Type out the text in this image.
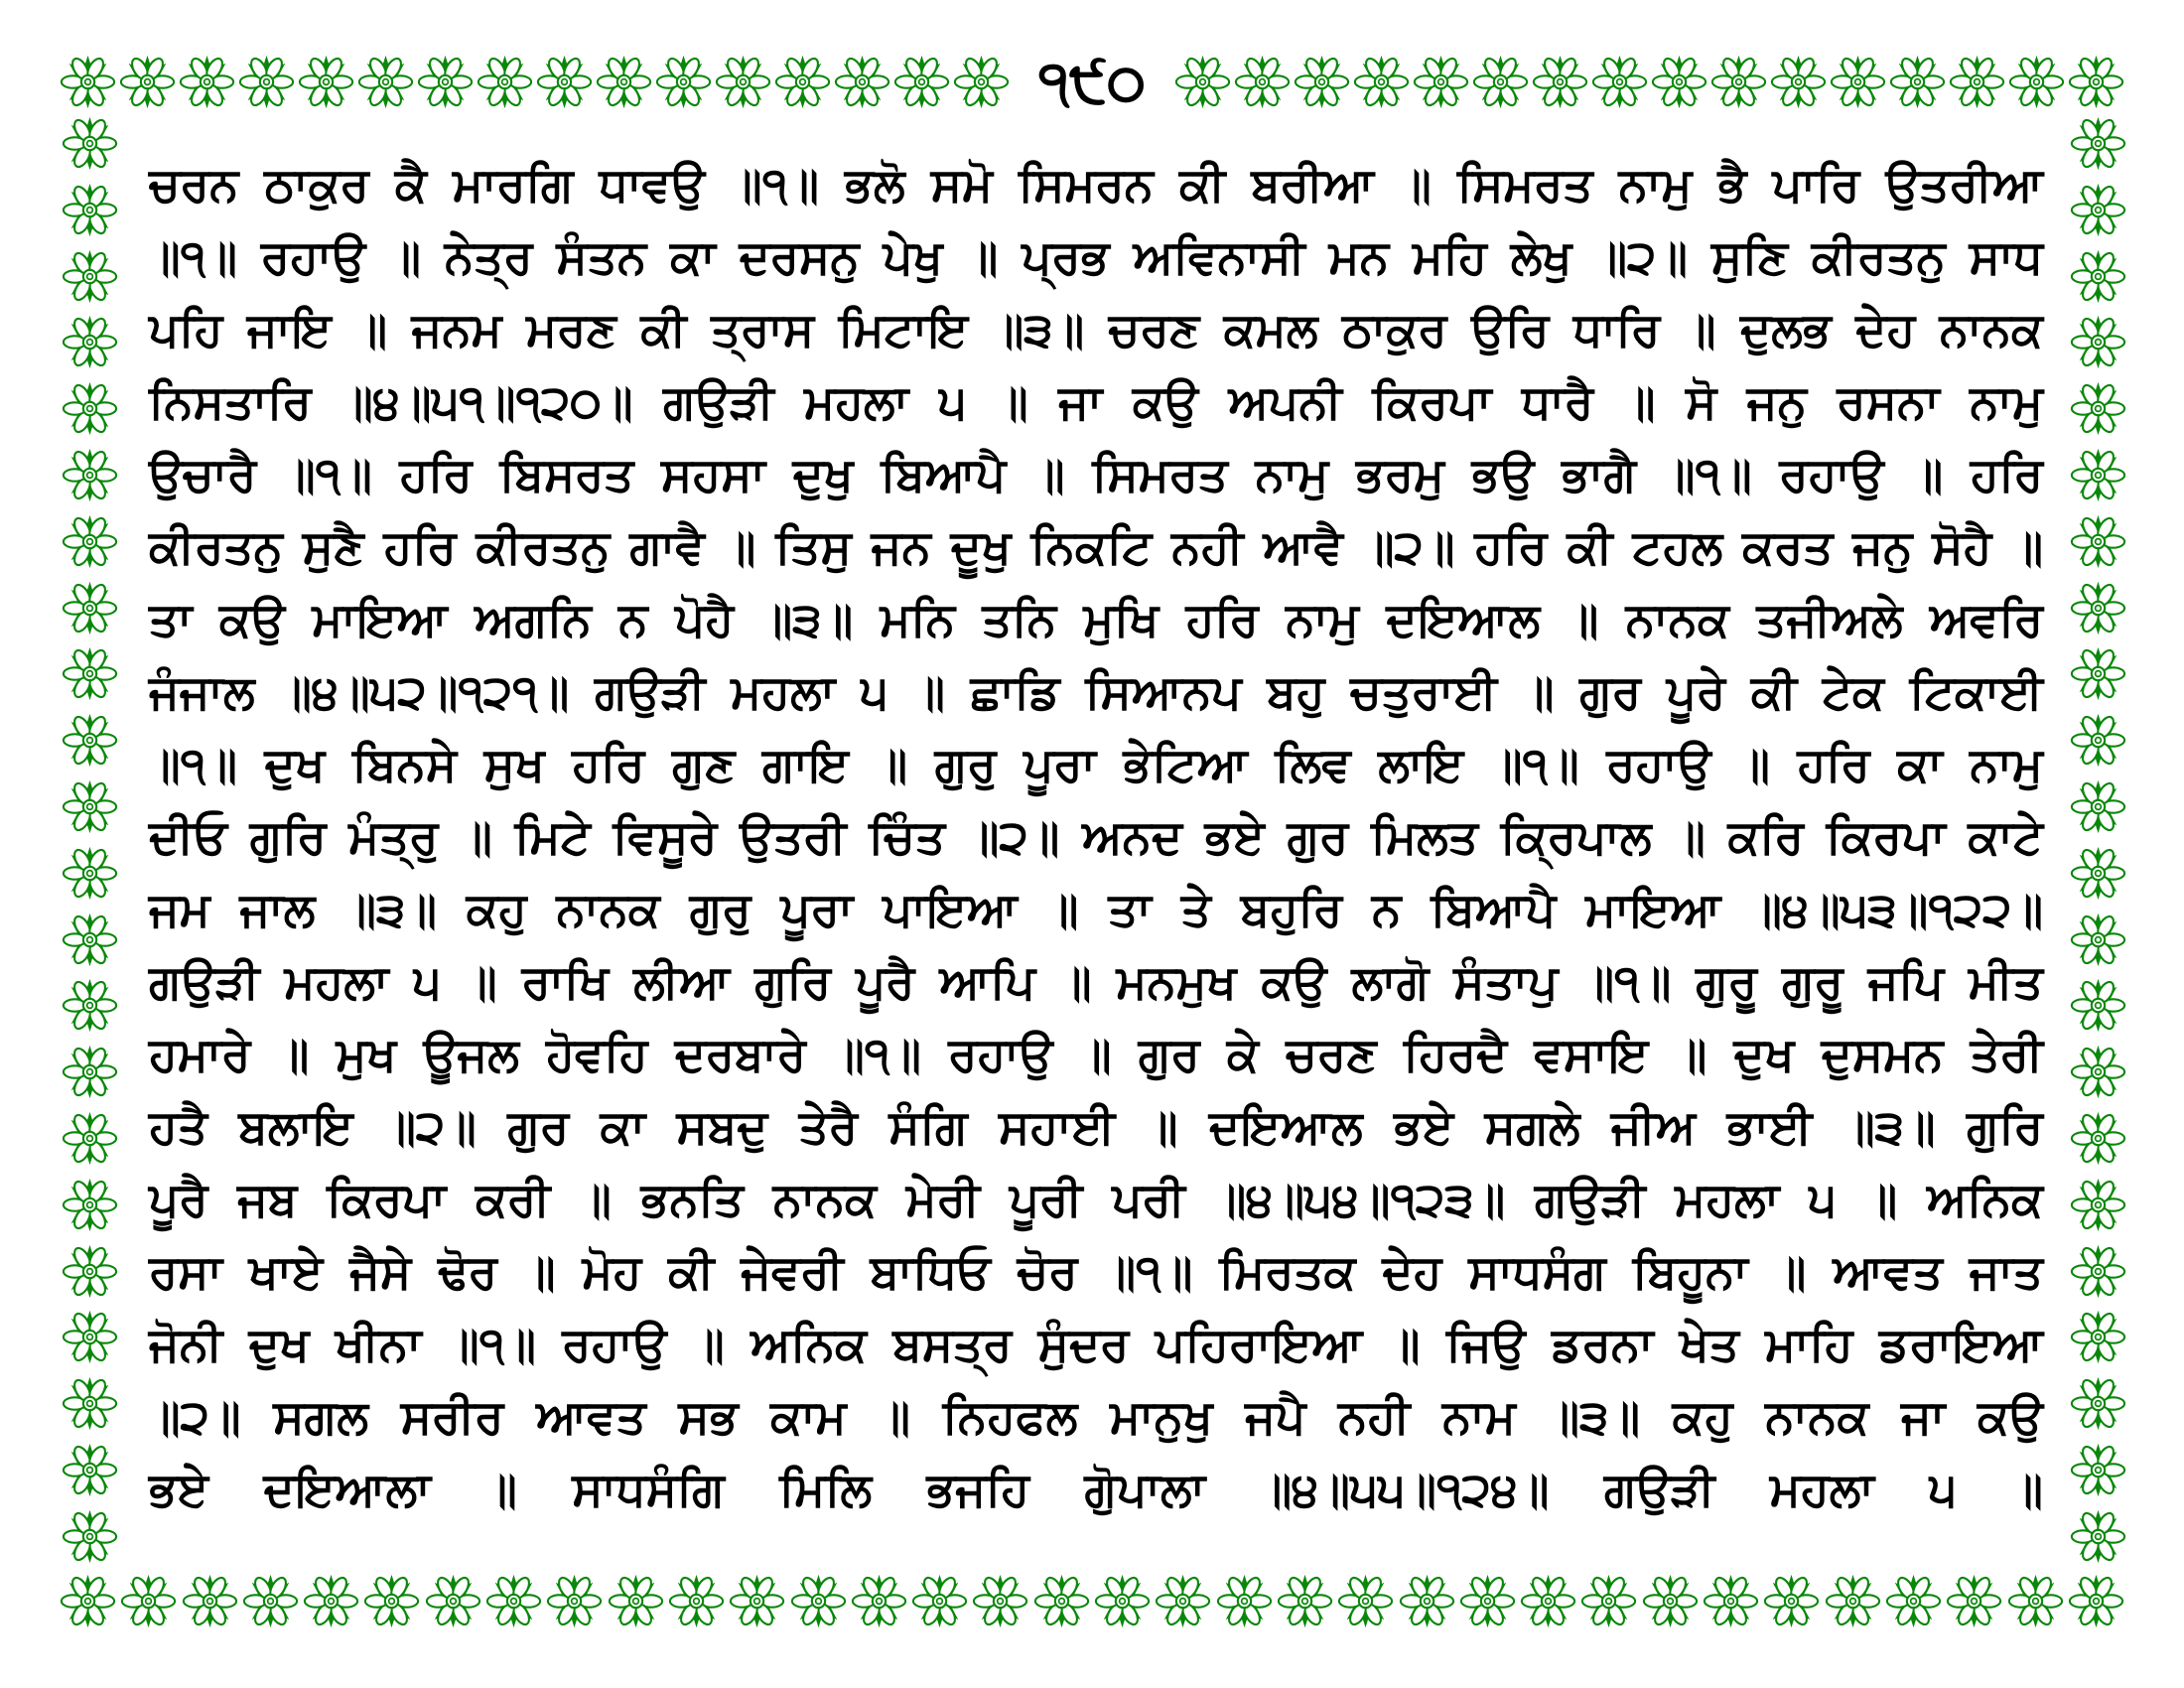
੧੯੦
ਚਰਨ ਠਾਕੁਰ ਕੈ ਮਾਰਗਿ ਧਾਵਉ ॥੧॥ ਭਲੋ ਸਮੋ ਸਿਮਰਨ ਕੀ ਬਰੀਆ ॥ ਸਿਮਰਤ ਨਾਮੁ ਭੈ ਪਾਰਿ ਉਤਰੀਆ
॥੧॥ ਰਹਾਉ ॥ ਨੇਤ੍ਰ ਸੰਤਨ ਕਾ ਦਰਸਨੁ ਪੇਖੁ ॥ ਪ੍ਰਭ ਅਵਿਨਾਸੀ ਮਨ ਮਹਿ ਲੇਖੁ ॥੨॥ ਸੁਣਿ ਕੀਰਤਨੁ ਸਾਧ
ਪਹਿ ਜਾਇ ॥ ਜਨਮ ਮਰਣ ਕੀ ਤ੍ਰਾਸ ਮਿਟਾਇ ॥੩॥ ਚਰਣ ਕਮਲ ਠਾਕੁਰ ਉਰਿ ਧਾਰਿ ॥ ਦੁਲਭ ਦੇਹ ਨਾਨਕ
ਨਿਸਤਾਰਿ ॥੪॥੫੧॥੧੨੦॥ ਗਉੜੀ ਮਹਲਾ ੫ ॥ ਜਾ ਕਉ ਅਪਨੀ ਕਿਰਪਾ ਧਾਰੈ ॥ ਸੋ ਜਨੁ ਰਸਨਾ ਨਾਮੁ
ਉਚਾਰੈ ॥੧॥ ਹਰਿ ਬਿਸਰਤ ਸਹਸਾ ਦੁਖੁ ਬਿਆਪੈ ॥ ਸਿਮਰਤ ਨਾਮੁ ਭਰਮੁ ਭਉ ਭਾਗੈ ॥੧॥ ਰਹਾਉ ॥ ਹਰਿ
ਕੀਰਤਨੁ ਸੁਣੈ ਹਰਿ ਕੀਰਤਨੁ ਗਾਵੈ ॥ ਤਿਸੁ ਜਨ ਦੂਖੁ ਨਿਕਟਿ ਨਹੀ ਆਵੈ ॥੨॥ ਹਰਿ ਕੀ ਟਹਲ ਕਰਤ ਜਨੁ ਸੋਹੈ ॥
ਤਾ ਕਉ ਮਾਇਆ ਅਗਨਿ ਨ ਪੋਹੈ ॥੩॥ ਮਨਿ ਤਨਿ ਮੁਖਿ ਹਰਿ ਨਾਮੁ ਦਇਆਲ ॥ ਨਾਨਕ ਤਜੀਅਲੇ ਅਵਰਿ
ਜੰਜਾਲ ॥੪॥੫੨॥੧੨੧॥ ਗਉੜੀ ਮਹਲਾ ੫ ॥ ਛਾਡਿ ਸਿਆਨਪ ਬਹੁ ਚਤੁਰਾਈ ॥ ਗੁਰ ਪੂਰੇ ਕੀ ਟੇਕ ਟਿਕਾਈ
॥੧॥ ਦੁਖ ਬਿਨਸੇ ਸੁਖ ਹਰਿ ਗੁਣ ਗਾਇ ॥ ਗੁਰੁ ਪੂਰਾ ਭੇਟਿਆ ਲਿਵ ਲਾਇ ॥੧॥ ਰਹਾਉ ॥ ਹਰਿ ਕਾ ਨਾਮੁ
ਦੀਓ ਗੁਰਿ ਮੰਤ੍ਰੁ ॥ ਮਿਟੇ ਵਿਸੂਰੇ ਉਤਰੀ ਚਿੰਤ ॥੨॥ ਅਨਦ ਭਏ ਗੁਰ ਮਿਲਤ ਕ੍ਰਿਪਾਲ ॥ ਕਰਿ ਕਿਰਪਾ ਕਾਟੇ
ਜਮ ਜਾਲ ॥੩॥ ਕਹੁ ਨਾਨਕ ਗੁਰੁ ਪੂਰਾ ਪਾਇਆ ॥ ਤਾ ਤੇ ਬਹੁਰਿ ਨ ਬਿਆਪੈ ਮਾਇਆ ॥੪॥੫੩॥੧੨੨॥
ਗਉੜੀ ਮਹਲਾ ੫ ॥ ਰਾਖਿ ਲੀਆ ਗੁਰਿ ਪੂਰੈ ਆਪਿ ॥ ਮਨਮੁਖ ਕਉ ਲਾਗੋ ਸੰਤਾਪੁ ॥੧॥ ਗੁਰੂ ਗੁਰੂ ਜਪਿ ਮੀਤ
ਹਮਾਰੇ ॥ ਮੁਖ ਊਜਲ ਹੋਵਹਿ ਦਰਬਾਰੇ ॥੧॥ ਰਹਾਉ ॥ ਗੁਰ ਕੇ ਚਰਣ ਹਿਰਦੈ ਵਸਾਇ ॥ ਦੁਖ ਦੁਸਮਨ ਤੇਰੀ
ਹਤੈ ਬਲਾਇ ॥੨॥ ਗੁਰ ਕਾ ਸਬਦੁ ਤੇਰੈ ਸੰਗਿ ਸਹਾਈ ॥ ਦਇਆਲ ਭਏ ਸਗਲੇ ਜੀਅ ਭਾਈ ॥੩॥ ਗੁਰਿ
ਪੂਰੈ ਜਬ ਕਿਰਪਾ ਕਰੀ ॥ ਭਨਤਿ ਨਾਨਕ ਮੇਰੀ ਪੂਰੀ ਪਰੀ ॥੪॥੫੪॥੧੨੩॥ ਗਉੜੀ ਮਹਲਾ ੫ ॥ ਅਨਿਕ
ਰਸਾ ਖਾਏ ਜੈਸੇ ਢੋਰ ॥ ਮੋਹ ਕੀ ਜੇਵਰੀ ਬਾਧਿਓ ਚੋਰ ॥੧॥ ਮਿਰਤਕ ਦੇਹ ਸਾਧਸੰਗ ਬਿਹੂਨਾ ॥ ਆਵਤ ਜਾਤ
ਜੋਨੀ ਦੁਖ ਖੀਨਾ ॥੧॥ ਰਹਾਉ ॥ ਅਨਿਕ ਬਸਤ੍ਰ ਸੁੰਦਰ ਪਹਿਰਾਇਆ ॥ ਜਿਉ ਡਰਨਾ ਖੇਤ ਮਾਹਿ ਡਰਾਇਆ
॥੨॥ ਸਗਲ ਸਰੀਰ ਆਵਤ ਸਭ ਕਾਮ ॥ ਨਿਹਫਲ ਮਾਨੁਖੁ ਜਪੈ ਨਹੀ ਨਾਮ ॥੩॥ ਕਹੁ ਨਾਨਕ ਜਾ ਕਉ
ਭਏ ਦਇਆਲਾ ॥ ਸਾਧਸੰਗਿ ਮਿਲਿ ਭਜਹਿ ਗੋੁਪਾਲਾ ॥੪॥੫੫॥੧੨੪॥ ਗਉੜੀ ਮਹਲਾ ੫ ॥
